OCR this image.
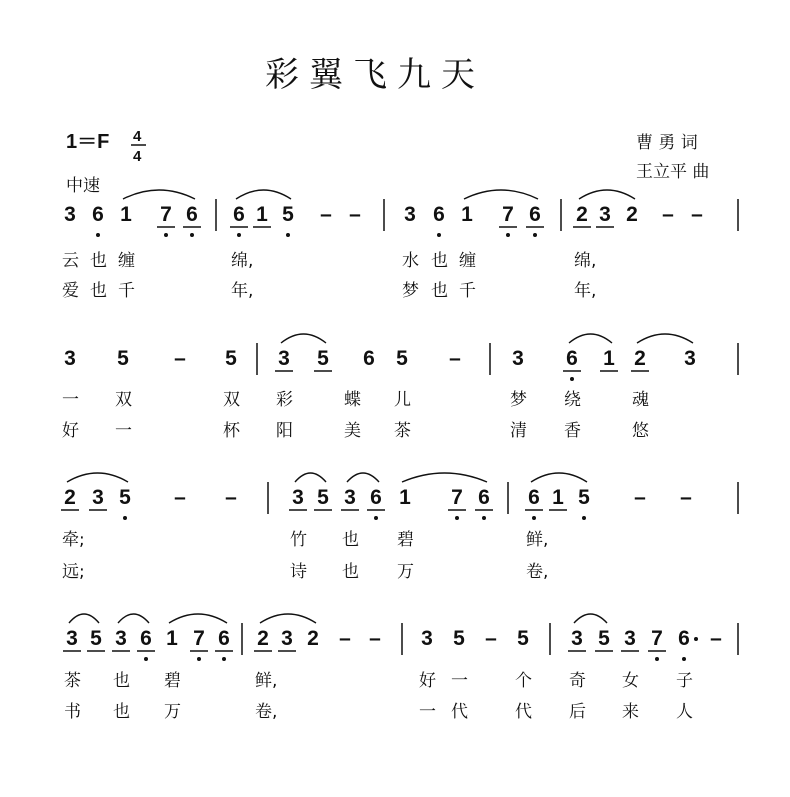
彩翼飞九天
1＝F 4
4
中速
曹 勇 词
王立平 曲
3 6 1 7 6 6 1 5 – – 3 6 1 7 6 2 3 2 – –
云 也 缠	绵,	水 也 缠	绵,
爱 也 千	年,	梦 也 千	年,
3 5 – 5 3 5 6 5 – 3 6 1 2 3
一 双	双 彩	蝶 儿	梦 绕	魂
好 一	杯 阳	美 茶	清 香	悠
2 3 5 – –	3 5 3 6 1 7 6 6 1 5 – –
牵;	竹 也 碧	鲜,
远;	诗 也 万	卷,
3 5 3 6 1 7 6 2 3 2 – – 3 5 – 5 3 5 3 7 6 –
茶 也 碧	鲜,	好 一	个 奇 女 子
书 也 万	卷,	一 代	代 后 来 人
